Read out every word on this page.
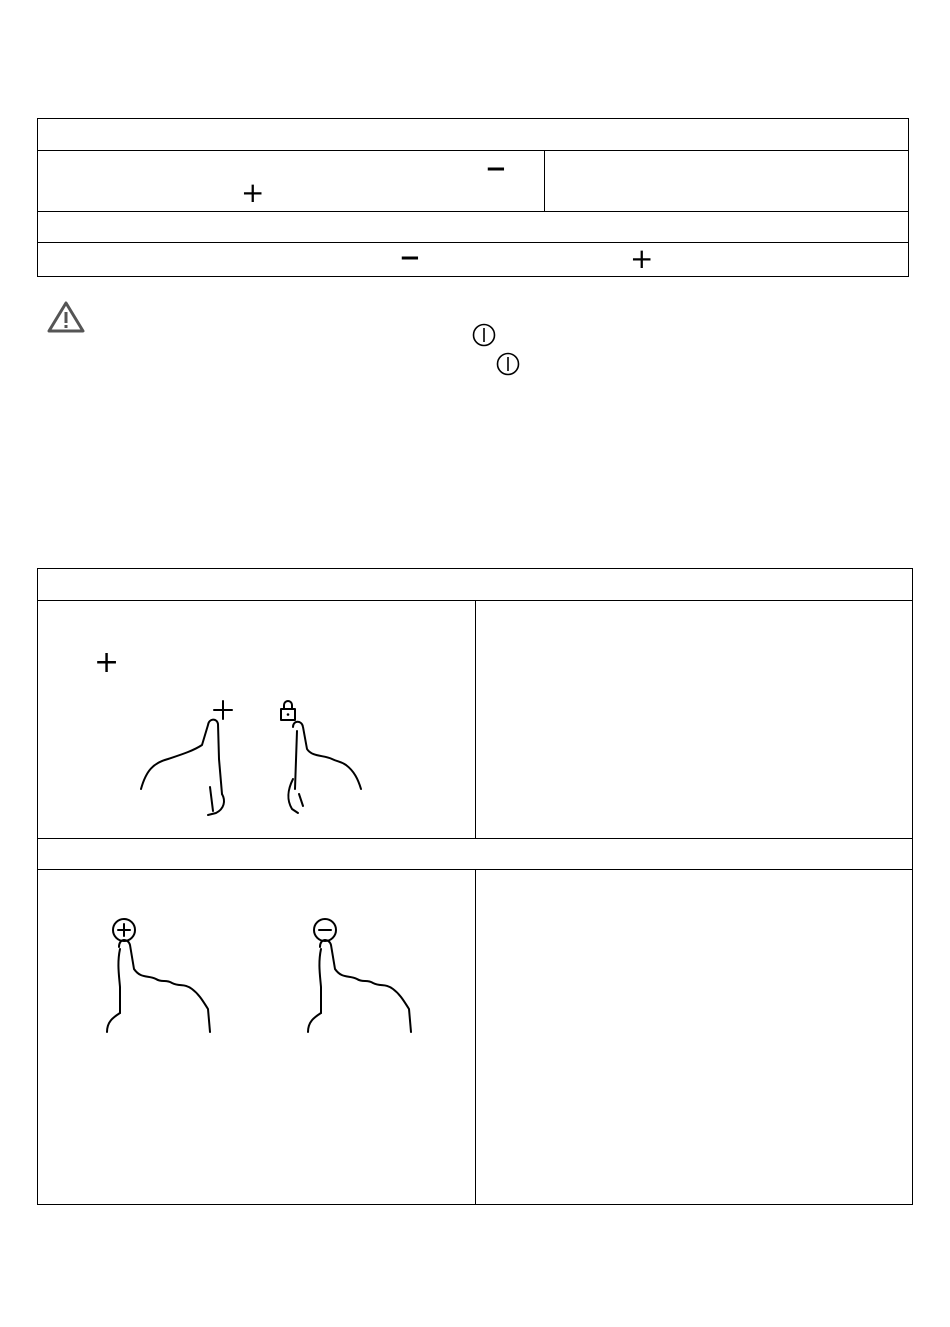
−
+
−	+
+
